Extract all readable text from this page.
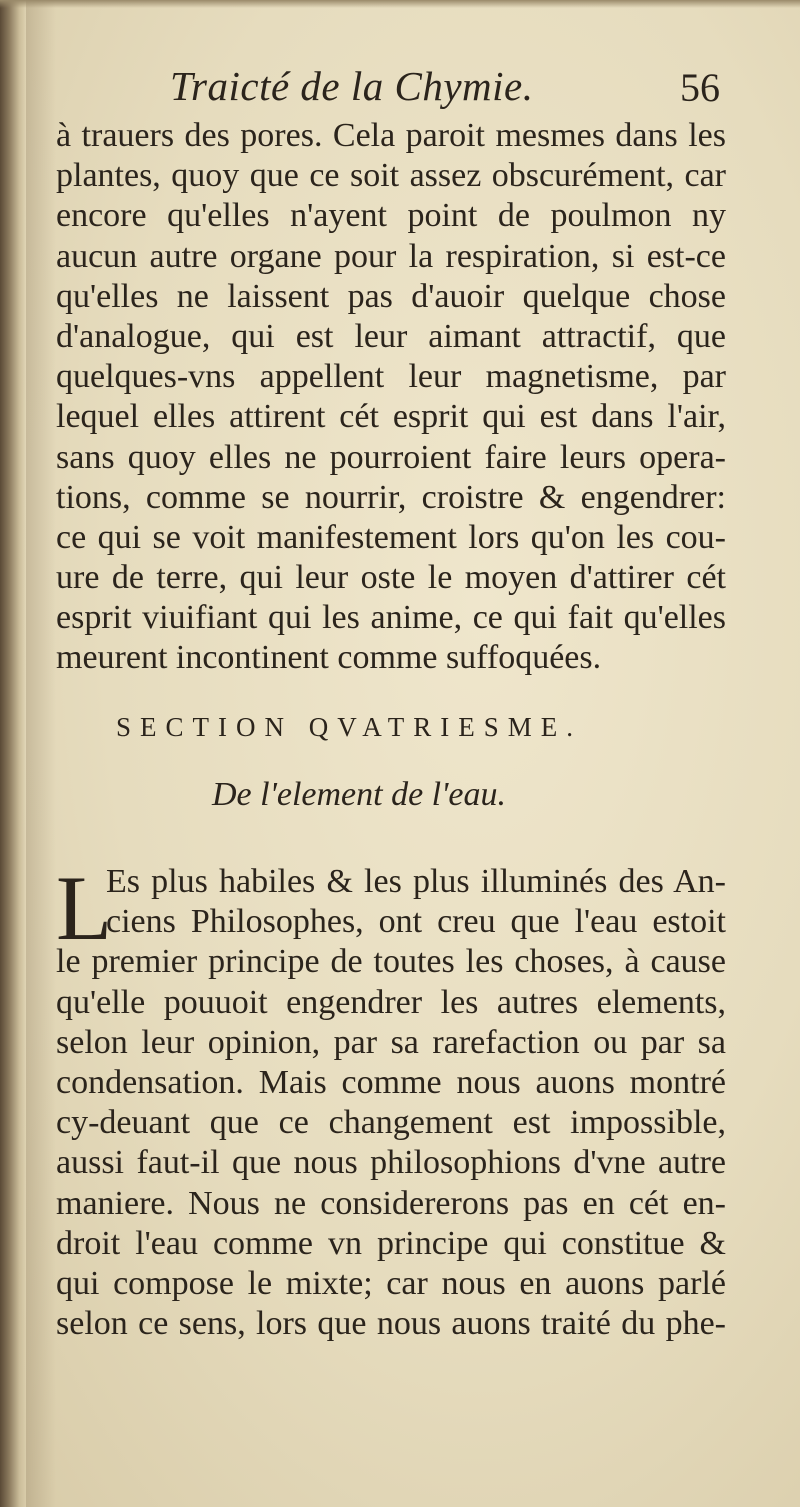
Traicté de la Chymie.	56
à trauers des pores. Cela paroit mesmes dans les
plantes, quoy que ce soit assez obscurément, car
encore qu'elles n'ayent point de poulmon ny
aucun autre organe pour la respiration, si est-ce
qu'elles ne laissent pas d'auoir quelque chose
d'analogue, qui est leur aimant attractif, que
quelques-vns appellent leur magnetisme, par
lequel elles attirent cét esprit qui est dans l'air,
sans quoy elles ne pourroient faire leurs opera-
tions, comme se nourrir, croistre & engendrer:
ce qui se voit manifestement lors qu'on les cou-
ure de terre, qui leur oste le moyen d'attirer cét
esprit viuifiant qui les anime, ce qui fait qu'elles
meurent incontinent comme suffoquées.
SECTION QVATRIESME.
De l'element de l'eau.
L
Es plus habiles & les plus illuminés des An-
ciens Philosophes, ont creu que l'eau estoit
le premier principe de toutes les choses, à cause
qu'elle pouuoit engendrer les autres elements,
selon leur opinion, par sa rarefaction ou par sa
condensation. Mais comme nous auons montré
cy-deuant que ce changement est impossible,
aussi faut-il que nous philosophions d'vne autre
maniere. Nous ne considererons pas en cét en-
droit l'eau comme vn principe qui constitue &
qui compose le mixte; car nous en auons parlé
selon ce sens, lors que nous auons traité du phe-
